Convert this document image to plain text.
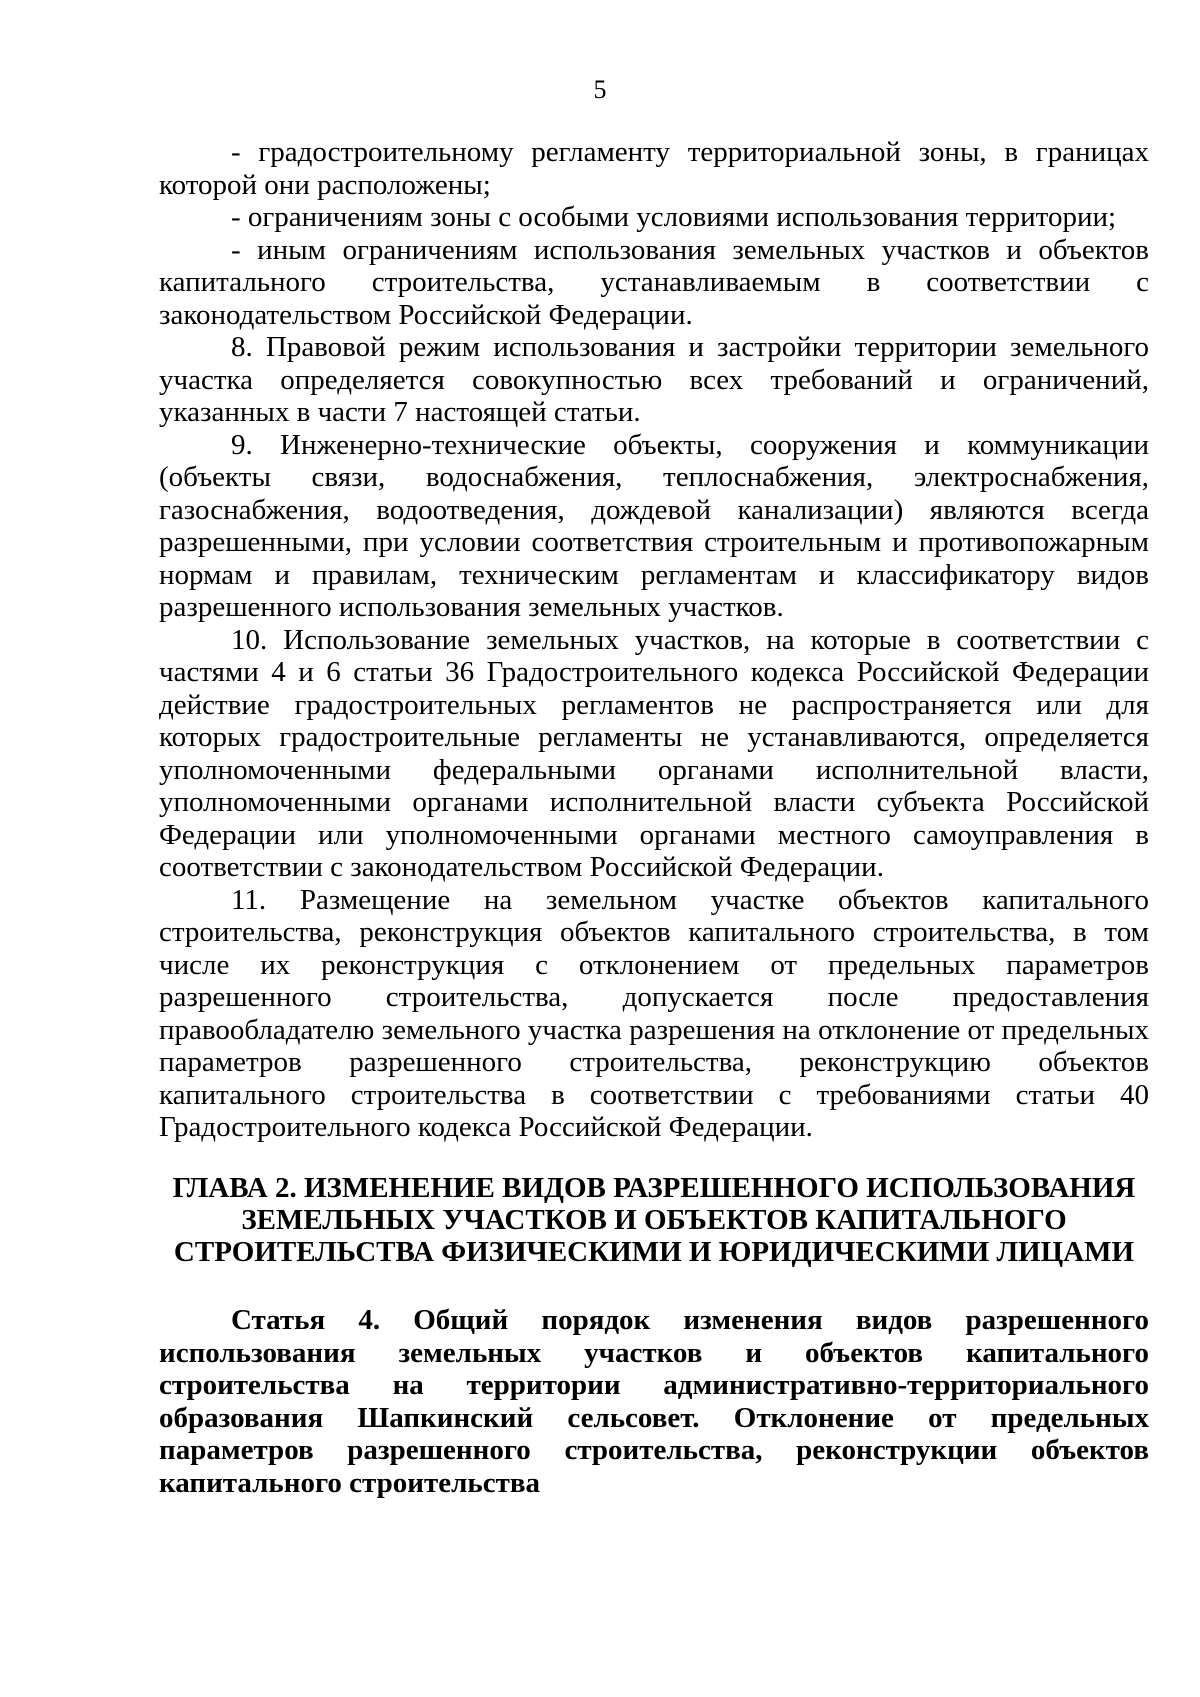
5

- градостроительному регламенту территориальной зоны, в границах которой они расположены;

- ограничениям зоны с особыми условиями использования территории;

- иным ограничениям использования земельных участков и объектов капитального строительства, устанавливаемым в соответствии с законодательством Российской Федерации.

8. Правовой режим использования и застройки территории земельного участка определяется совокупностью всех требований и ограничений, указанных в части 7 настоящей статьи.

9. Инженерно-технические объекты, сооружения и коммуникации (объекты связи, водоснабжения, теплоснабжения, электроснабжения, газоснабжения, водоотведения, дождевой канализации) являются всегда разрешенными, при условии соответствия строительным и противопожарным нормам и правилам, техническим регламентам и классификатору видов разрешенного использования земельных участков.

10. Использование земельных участков, на которые в соответствии с частями 4 и 6 статьи 36 Градостроительного кодекса Российской Федерации действие градостроительных регламентов не распространяется или для которых градостроительные регламенты не устанавливаются, определяется уполномоченными федеральными органами исполнительной власти, уполномоченными органами исполнительной власти субъекта Российской Федерации или уполномоченными органами местного самоуправления в соответствии с законодательством Российской Федерации.

11. Размещение на земельном участке объектов капитального строительства, реконструкция объектов капитального строительства, в том числе их реконструкция с отклонением от предельных параметров разрешенного строительства, допускается после предоставления правообладателю земельного участка разрешения на отклонение от предельных параметров разрешенного строительства, реконструкцию объектов капитального строительства в соответствии с требованиями статьи 40 Градостроительного кодекса Российской Федерации.

ГЛАВА 2. ИЗМЕНЕНИЕ ВИДОВ РАЗРЕШЕННОГО ИСПОЛЬЗОВАНИЯ
ЗЕМЕЛЬНЫХ УЧАСТКОВ И ОБЪЕКТОВ КАПИТАЛЬНОГО
СТРОИТЕЛЬСТВА ФИЗИЧЕСКИМИ И ЮРИДИЧЕСКИМИ ЛИЦАМИ

Статья 4. Общий порядок изменения видов разрешенного использования земельных участков и объектов капитального строительства на территории административно-территориального образования Шапкинский сельсовет. Отклонение от предельных параметров разрешенного строительства, реконструкции объектов капитального строительства
